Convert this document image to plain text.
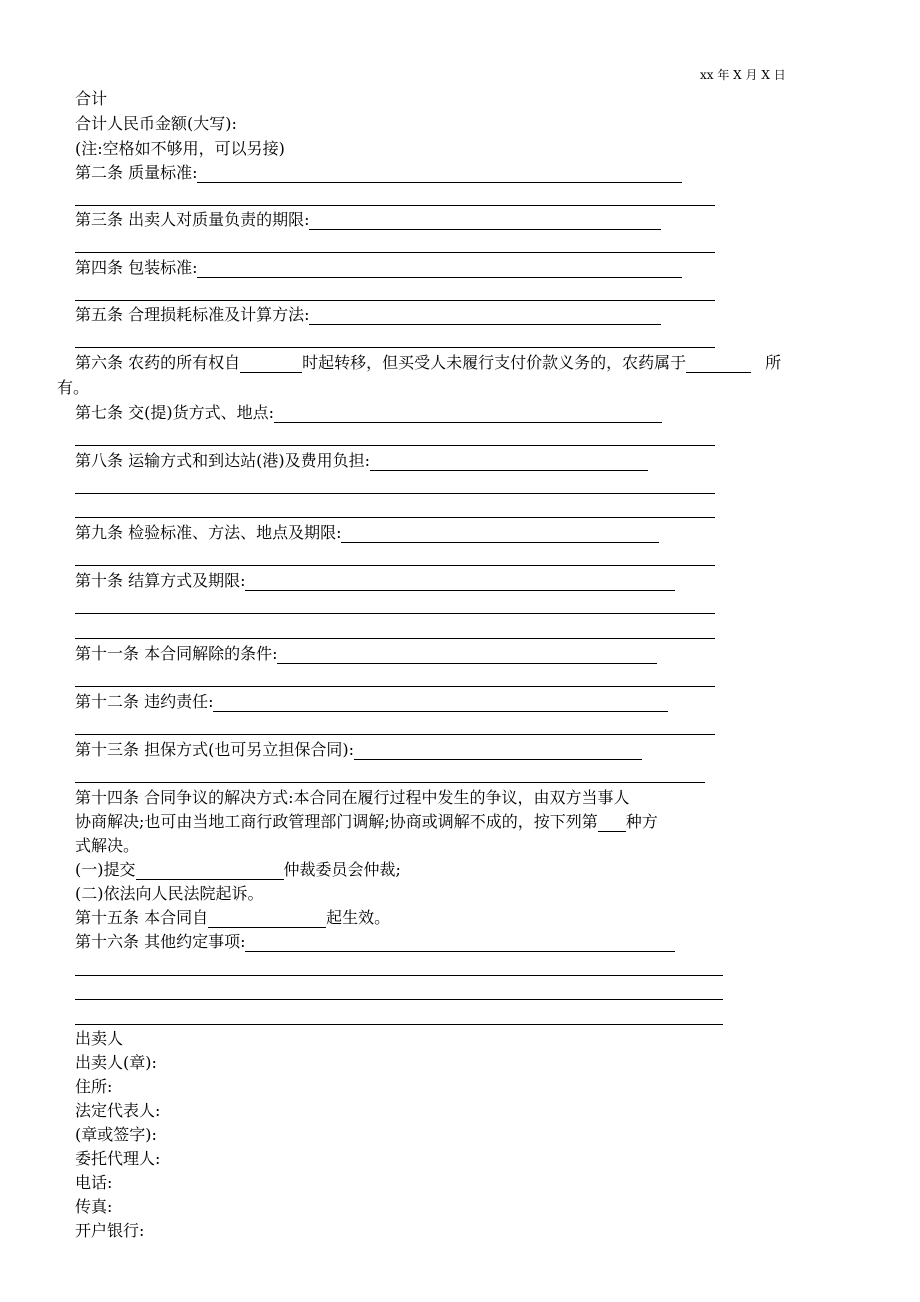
xx 年 X 月 X 日
合计
合计人民币金额(大写):
(注:空格如不够用，可以另接)
第二条 质量标准:
第三条 出卖人对质量负责的期限:
第四条 包装标准:
第五条 合理损耗标准及计算方法:
第六条 农药的所有权自	时起转移，但买受人未履行支付价款义务的，农药属于	所
有。
第七条 交(提)货方式、地点:
第八条 运输方式和到达站(港)及费用负担:
第九条 检验标准、方法、地点及期限:
第十条 结算方式及期限:
第十一条 本合同解除的条件:
第十二条 违约责任:
第十三条 担保方式(也可另立担保合同):
第十四条 合同争议的解决方式:本合同在履行过程中发生的争议，由双方当事人
协商解决;也可由当地工商行政管理部门调解;协商或调解不成的，按下列第 种方
式解决。
(一)提交	仲裁委员会仲裁;
(二)依法向人民法院起诉。
第十五条 本合同自	起生效。
第十六条 其他约定事项:
出卖人
出卖人(章):
住所:
法定代表人:
(章或签字):
委托代理人:
电话:
传真:
开户银行:
